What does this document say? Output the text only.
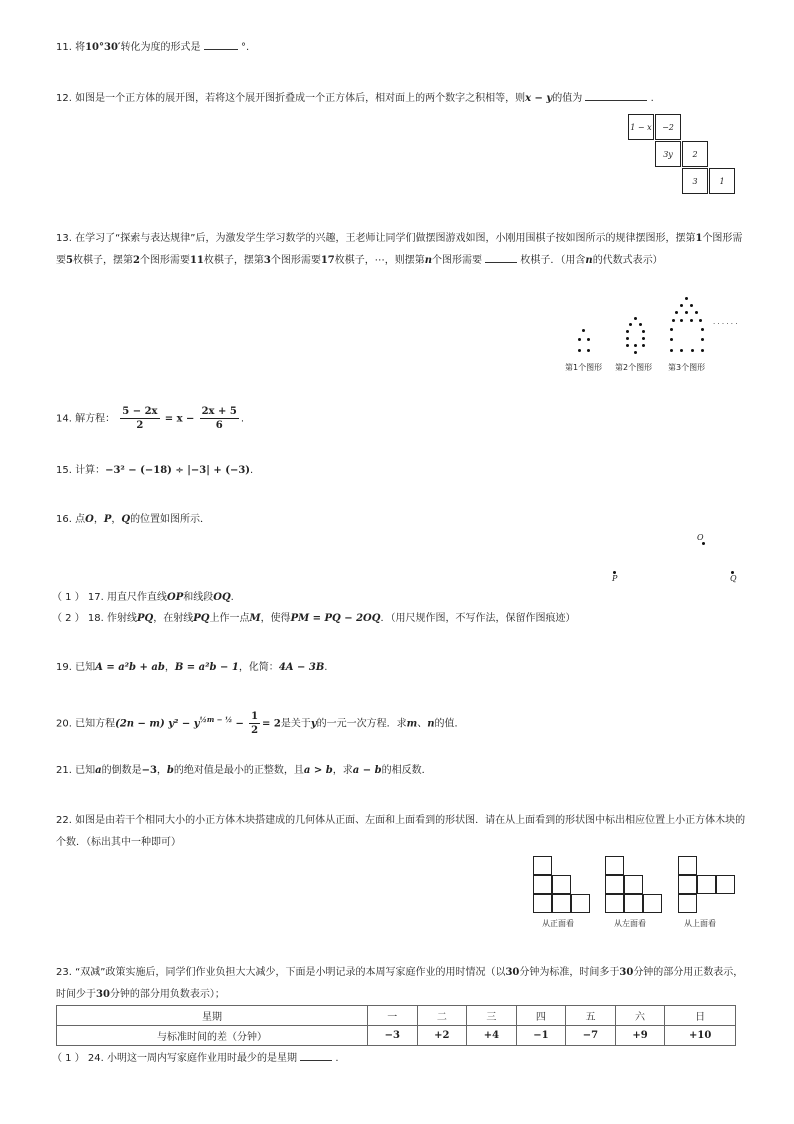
11. 将10°30′转化为度的形式是	°.
12. 如图是一个正方体的展开图，若将这个展开图折叠成一个正方体后，相对面上的两个数字之积相等，则x − y的值为	.
1 − x	−2
3y	2
3	1
13. 在学习了“探索与表达规律”后，为激发学生学习数学的兴趣，王老师让同学们做摆图游戏如图，小刚用围棋子按如图所示的规律摆图形，摆第1个图形需要5枚棋子，摆第2个图形需要11枚棋子，摆第3个图形需要17枚棋子，⋯，则摆第n个图形需要	枚棋子．（用含n的代数式表示）
· · · · · ·
第1个图形 第2个图形 第3个图形
14. 解方程： $\frac{5 - 2x}{2} = x - \frac{2x + 5}{6}$ .
15. 计算：−3² − (−18) ÷ |−3| + (−3).
16. 点O，P，Q的位置如图所示．
O
P	Q
（ 1 ） 17. 用直尺作直线OP和线段OQ.
（ 2 ） 18. 作射线PQ，在射线PQ上作一点M，使得PM = PQ − 2OQ．（用尺规作图，不写作法，保留作图痕迹）
19. 已知A = a²b + ab，B = a²b − 1，化简：4A − 3B.
20. 已知方程(2n − m) $y^2 - y^{\frac{1}{2}m - \frac{1}{2}} - \frac{1}{2} = 2$是关于y的一元一次方程．求m、n的值．
21. 已知a的倒数是−3，b的绝对值是最小的正整数，且a > b，求a − b的相反数．
22. 如图是由若干个相同大小的小正方体木块搭建成的几何体从正面、左面和上面看到的形状图．请在从上面看到的形状图中标出相应位置上小正方体木块的个数．（标出其中一种即可）
从正面看	从左面看	从上面看
23. “双减”政策实施后，同学们作业负担大大减少，下面是小明记录的本周写家庭作业的用时情况（以30分钟为标准，时间多于30分钟的部分用正数表示，时间少于30分钟的部分用负数表示）；
星期	一	二	三	四	五	六	日
与标准时间的差（分钟）	−3	+2	+4	−1	−7	+9	+10
（ 1 ） 24. 小明这一周内写家庭作业用时最少的是星期	.
